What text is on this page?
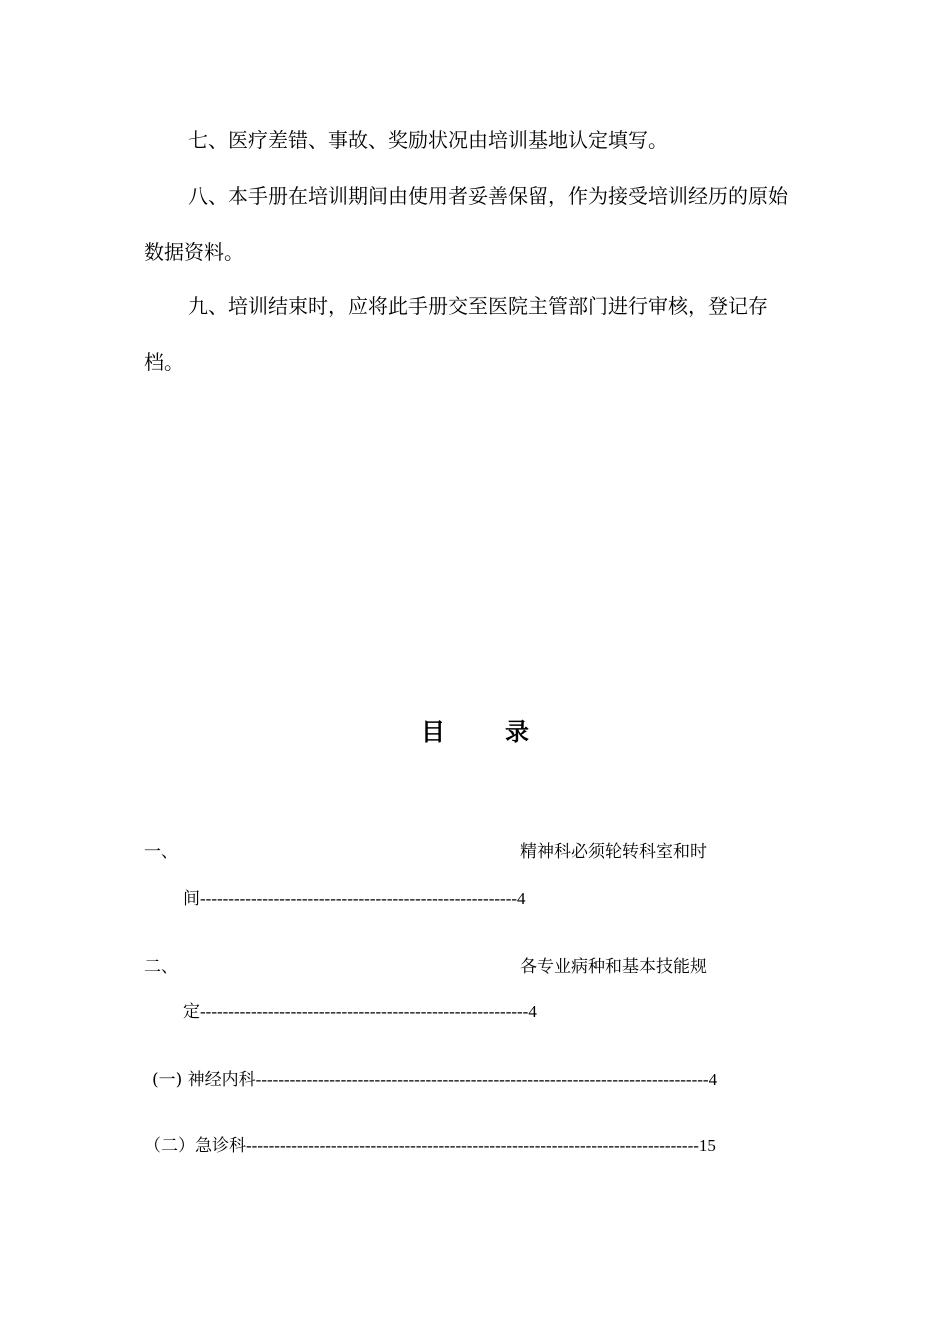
七、医疗差错、事故、奖励状况由培训基地认定填写。

八、本手册在培训期间由使用者妥善保留，作为接受培训经历的原始数据资料。

九、培训结束时，应将此手册交至医院主管部门进行审核，登记存档。

目	录
一、	精神科必须轮转科室和时
间--------------------------------------------------------4
二、	各专业病种和基本技能规
定----------------------------------------------------------4
(一) 神经内科--------------------------------------------------------------------------------4
（二）急诊科--------------------------------------------------------------------------------15
